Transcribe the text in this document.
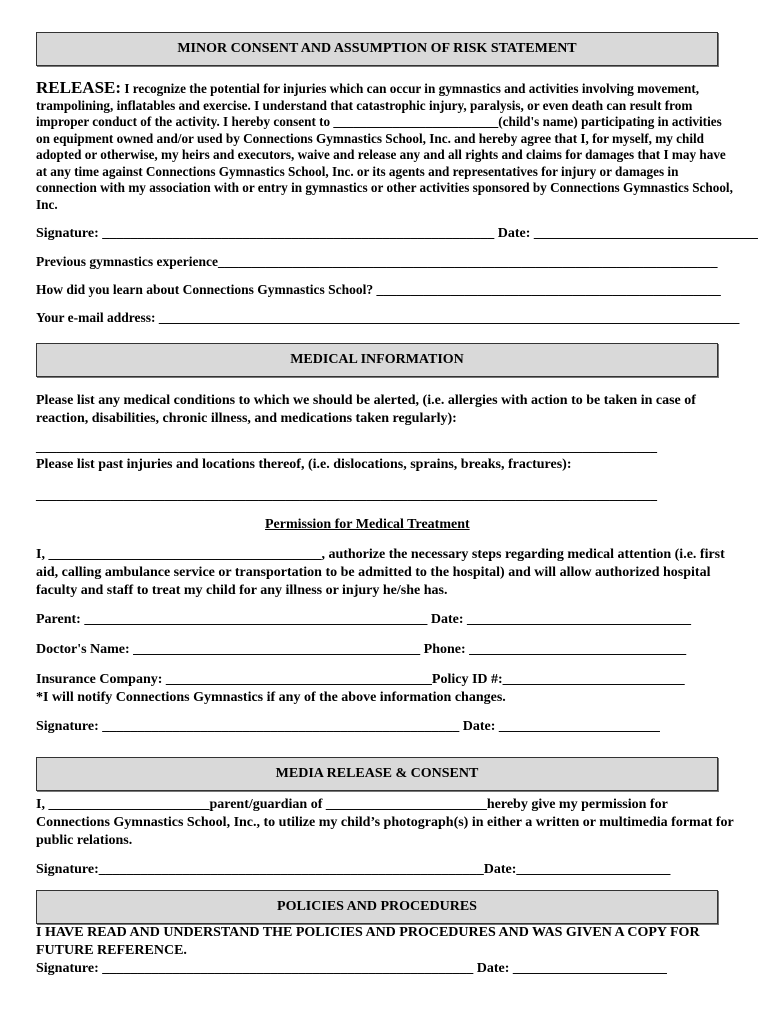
MINOR CONSENT AND ASSUMPTION OF RISK STATEMENT
RELEASE: I recognize the potential for injuries which can occur in gymnastics and activities involving movement, trampolining, inflatables and exercise. I understand that catastrophic injury, paralysis, or even death can result from improper conduct of the activity. I hereby consent to _________________________(child's name) participating in activities on equipment owned and/or used by Connections Gymnastics School, Inc. and hereby agree that I, for myself, my child adopted or otherwise, my heirs and executors, waive and release any and all rights and claims for damages that I may have at any time against Connections Gymnastics School, Inc. or its agents and representatives for injury or damages in connection with my association with or entry in gymnastics or other activities sponsored by Connections Gymnastics School, Inc.
Signature: ________________________________________________________ Date: ________________________________
Previous gymnastics experience__________________________________________________________________________
How did you learn about Connections Gymnastics School? ___________________________________________________
Your e-mail address: ______________________________________________________________________________________
MEDICAL INFORMATION
Please list any medical conditions to which we should be alerted, (i.e. allergies with action to be taken in case of reaction, disabilities, chronic illness, and medications taken regularly):
____________________________________________________________________________________________
Please list past injuries and locations thereof, (i.e. dislocations, sprains, breaks, fractures):
____________________________________________________________________________________________
Permission for Medical Treatment
I, _______________________________________, authorize the necessary steps regarding medical attention (i.e. first aid, calling ambulance service or transportation to be admitted to the hospital) and will allow authorized hospital faculty and staff to treat my child for any illness or injury he/she has.
Parent: _________________________________________________ Date: ________________________________
Doctor's Name: _________________________________________ Phone: _______________________________
Insurance Company: ______________________________________Policy ID #:__________________________
*I will notify Connections Gymnastics if any of the above information changes.
Signature: ___________________________________________________ Date: _______________________
MEDIA RELEASE & CONSENT
I, _______________________parent/guardian of _______________________hereby give my permission for Connections Gymnastics School, Inc., to utilize my child’s photograph(s) in either a written or multimedia format for public relations.
Signature:_______________________________________________________Date:______________________
POLICIES AND PROCEDURES
I HAVE READ AND UNDERSTAND THE POLICIES AND PROCEDURES AND WAS GIVEN A COPY FOR FUTURE REFERENCE.
Signature: _____________________________________________________ Date: ______________________
